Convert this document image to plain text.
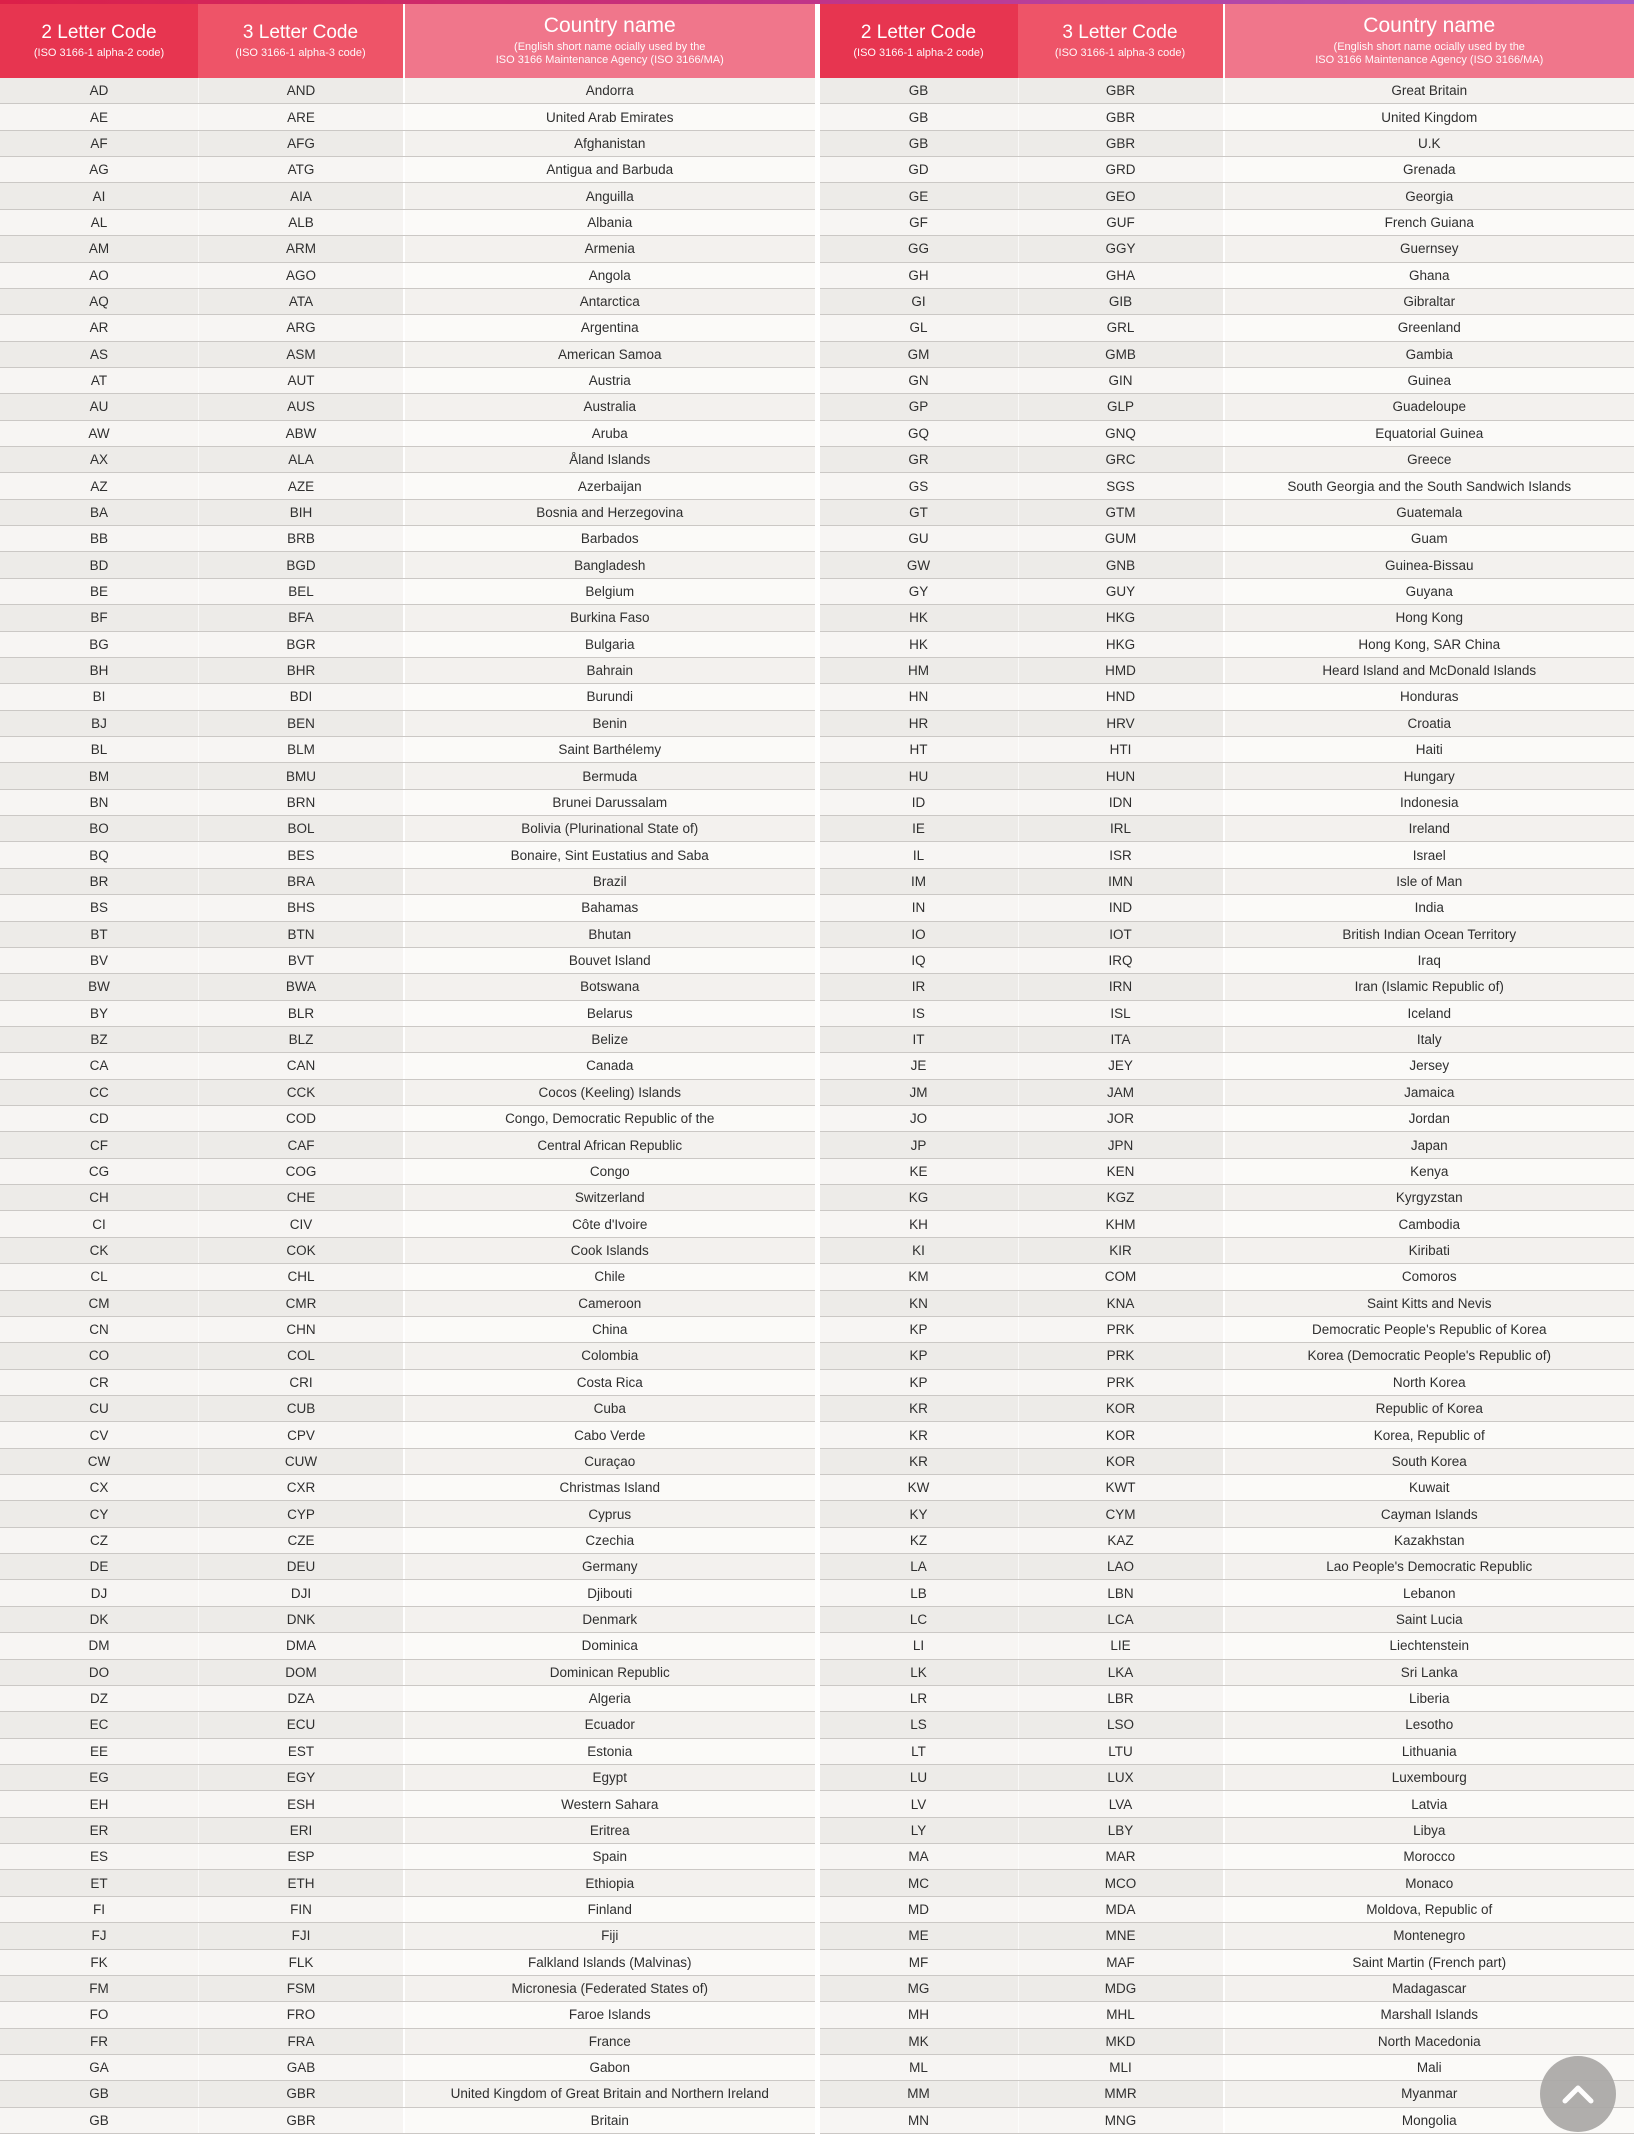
2 Letter Code
(ISO 3166-1 alpha-2 code)
3 Letter Code
(ISO 3166-1 alpha-3 code)
Country name
(English short name ocially used by the
ISO 3166 Maintenance Agency (ISO 3166/MA)
AD	AND	Andorra
AE	ARE	United Arab Emirates
AF	AFG	Afghanistan
AG	ATG	Antigua and Barbuda
AI	AIA	Anguilla
AL	ALB	Albania
AM	ARM	Armenia
AO	AGO	Angola
AQ	ATA	Antarctica
AR	ARG	Argentina
AS	ASM	American Samoa
AT	AUT	Austria
AU	AUS	Australia
AW	ABW	Aruba
AX	ALA	Åland Islands
AZ	AZE	Azerbaijan
BA	BIH	Bosnia and Herzegovina
BB	BRB	Barbados
BD	BGD	Bangladesh
BE	BEL	Belgium
BF	BFA	Burkina Faso
BG	BGR	Bulgaria
BH	BHR	Bahrain
BI	BDI	Burundi
BJ	BEN	Benin
BL	BLM	Saint Barthélemy
BM	BMU	Bermuda
BN	BRN	Brunei Darussalam
BO	BOL	Bolivia (Plurinational State of)
BQ	BES	Bonaire, Sint Eustatius and Saba
BR	BRA	Brazil
BS	BHS	Bahamas
BT	BTN	Bhutan
BV	BVT	Bouvet Island
BW	BWA	Botswana
BY	BLR	Belarus
BZ	BLZ	Belize
CA	CAN	Canada
CC	CCK	Cocos (Keeling) Islands
CD	COD	Congo, Democratic Republic of the
CF	CAF	Central African Republic
CG	COG	Congo
CH	CHE	Switzerland
CI	CIV	Côte d'Ivoire
CK	COK	Cook Islands
CL	CHL	Chile
CM	CMR	Cameroon
CN	CHN	China
CO	COL	Colombia
CR	CRI	Costa Rica
CU	CUB	Cuba
CV	CPV	Cabo Verde
CW	CUW	Curaçao
CX	CXR	Christmas Island
CY	CYP	Cyprus
CZ	CZE	Czechia
DE	DEU	Germany
DJ	DJI	Djibouti
DK	DNK	Denmark
DM	DMA	Dominica
DO	DOM	Dominican Republic
DZ	DZA	Algeria
EC	ECU	Ecuador
EE	EST	Estonia
EG	EGY	Egypt
EH	ESH	Western Sahara
ER	ERI	Eritrea
ES	ESP	Spain
ET	ETH	Ethiopia
FI	FIN	Finland
FJ	FJI	Fiji
FK	FLK	Falkland Islands (Malvinas)
FM	FSM	Micronesia (Federated States of)
FO	FRO	Faroe Islands
FR	FRA	France
GA	GAB	Gabon
GB	GBR	United Kingdom of Great Britain and Northern Ireland
GB	GBR	Britain
2 Letter Code
(ISO 3166-1 alpha-2 code)
3 Letter Code
(ISO 3166-1 alpha-3 code)
Country name
(English short name ocially used by the
ISO 3166 Maintenance Agency (ISO 3166/MA)
GB	GBR	Great Britain
GB	GBR	United Kingdom
GB	GBR	U.K
GD	GRD	Grenada
GE	GEO	Georgia
GF	GUF	French Guiana
GG	GGY	Guernsey
GH	GHA	Ghana
GI	GIB	Gibraltar
GL	GRL	Greenland
GM	GMB	Gambia
GN	GIN	Guinea
GP	GLP	Guadeloupe
GQ	GNQ	Equatorial Guinea
GR	GRC	Greece
GS	SGS	South Georgia and the South Sandwich Islands
GT	GTM	Guatemala
GU	GUM	Guam
GW	GNB	Guinea-Bissau
GY	GUY	Guyana
HK	HKG	Hong Kong
HK	HKG	Hong Kong, SAR China
HM	HMD	Heard Island and McDonald Islands
HN	HND	Honduras
HR	HRV	Croatia
HT	HTI	Haiti
HU	HUN	Hungary
ID	IDN	Indonesia
IE	IRL	Ireland
IL	ISR	Israel
IM	IMN	Isle of Man
IN	IND	India
IO	IOT	British Indian Ocean Territory
IQ	IRQ	Iraq
IR	IRN	Iran (Islamic Republic of)
IS	ISL	Iceland
IT	ITA	Italy
JE	JEY	Jersey
JM	JAM	Jamaica
JO	JOR	Jordan
JP	JPN	Japan
KE	KEN	Kenya
KG	KGZ	Kyrgyzstan
KH	KHM	Cambodia
KI	KIR	Kiribati
KM	COM	Comoros
KN	KNA	Saint Kitts and Nevis
KP	PRK	Democratic People's Republic of Korea
KP	PRK	Korea (Democratic People's Republic of)
KP	PRK	North Korea
KR	KOR	Republic of Korea
KR	KOR	Korea, Republic of
KR	KOR	South Korea
KW	KWT	Kuwait
KY	CYM	Cayman Islands
KZ	KAZ	Kazakhstan
LA	LAO	Lao People's Democratic Republic
LB	LBN	Lebanon
LC	LCA	Saint Lucia
LI	LIE	Liechtenstein
LK	LKA	Sri Lanka
LR	LBR	Liberia
LS	LSO	Lesotho
LT	LTU	Lithuania
LU	LUX	Luxembourg
LV	LVA	Latvia
LY	LBY	Libya
MA	MAR	Morocco
MC	MCO	Monaco
MD	MDA	Moldova, Republic of
ME	MNE	Montenegro
MF	MAF	Saint Martin (French part)
MG	MDG	Madagascar
MH	MHL	Marshall Islands
MK	MKD	North Macedonia
ML	MLI	Mali
MM	MMR	Myanmar
MN	MNG	Mongolia
